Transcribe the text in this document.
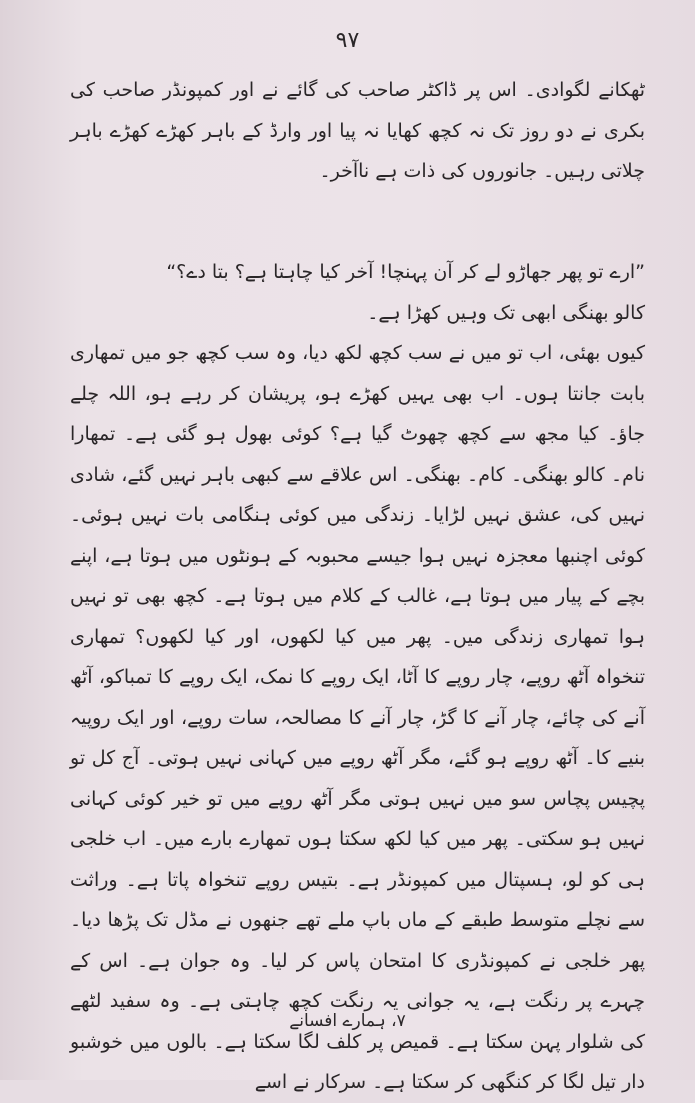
۹۷

ٹھکانے لگوادی۔ اس پر ڈاکٹر صاحب کی گائے نے اور کمپونڈر صاحب کی بکری نے دو روز تک نہ کچھ کھایا نہ پیا اور وارڈ کے باہر کھڑے کھڑے باہر چلاتی رہیں۔ جانوروں کی ذات ہے ناآخر۔

”ارے تو پھر جھاڑو لے کر آن پہنچا! آخر کیا چاہتا ہے؟ بتا دے؟“

کالو بھنگی ابھی تک وہیں کھڑا ہے۔

کیوں بھئی، اب تو میں نے سب کچھ لکھ دیا، وہ سب کچھ جو میں تمھاری بابت جانتا ہوں۔ اب بھی یہیں کھڑے ہو، پریشان کر رہے ہو، اللہ چلے جاؤ۔ کیا مجھ سے کچھ چھوٹ گیا ہے؟ کوئی بھول ہو گئی ہے۔ تمھارا نام۔ کالو بھنگی۔ کام۔ بھنگی۔ اس علاقے سے کبھی باہر نہیں گئے، شادی نہیں کی، عشق نہیں لڑایا۔ زندگی میں کوئی ہنگامی بات نہیں ہوئی۔ کوئی اچنبھا معجزہ نہیں ہوا جیسے محبوبہ کے ہونٹوں میں ہوتا ہے، اپنے بچے کے پیار میں ہوتا ہے، غالب کے کلام میں ہوتا ہے۔ کچھ بھی تو نہیں ہوا تمھاری زندگی میں۔ پھر میں کیا لکھوں، اور کیا لکھوں؟ تمھاری تنخواہ آٹھ روپے، چار روپے کا آٹا، ایک روپے کا نمک، ایک روپے کا تمباکو، آٹھ آنے کی چائے، چار آنے کا گڑ، چار آنے کا مصالحہ، سات روپے، اور ایک روپیہ بنیے کا۔ آٹھ روپے ہو گئے، مگر آٹھ روپے میں کہانی نہیں ہوتی۔ آج کل تو پچیس پچاس سو میں نہیں ہوتی مگر آٹھ روپے میں تو خیر کوئی کہانی نہیں ہو سکتی۔ پھر میں کیا لکھ سکتا ہوں تمھارے بارے میں۔ اب خلجی ہی کو لو، ہسپتال میں کمپونڈر ہے۔ بتیس روپے تنخواہ پاتا ہے۔ وراثت سے نچلے متوسط طبقے کے ماں باپ ملے تھے جنھوں نے مڈل تک پڑھا دیا۔ پھر خلجی نے کمپونڈری کا امتحان پاس کر لیا۔ وہ جوان ہے۔ اس کے چہرے پر رنگت ہے، یہ جوانی یہ رنگت کچھ چاہتی ہے۔ وہ سفید لٹھے کی شلوار پہن سکتا ہے۔ قمیص پر کلف لگا سکتا ہے۔ بالوں میں خوشبو دار تیل لگا کر کنگھی کر سکتا ہے۔ سرکار نے اسے

۷، ہمارے افسانے
